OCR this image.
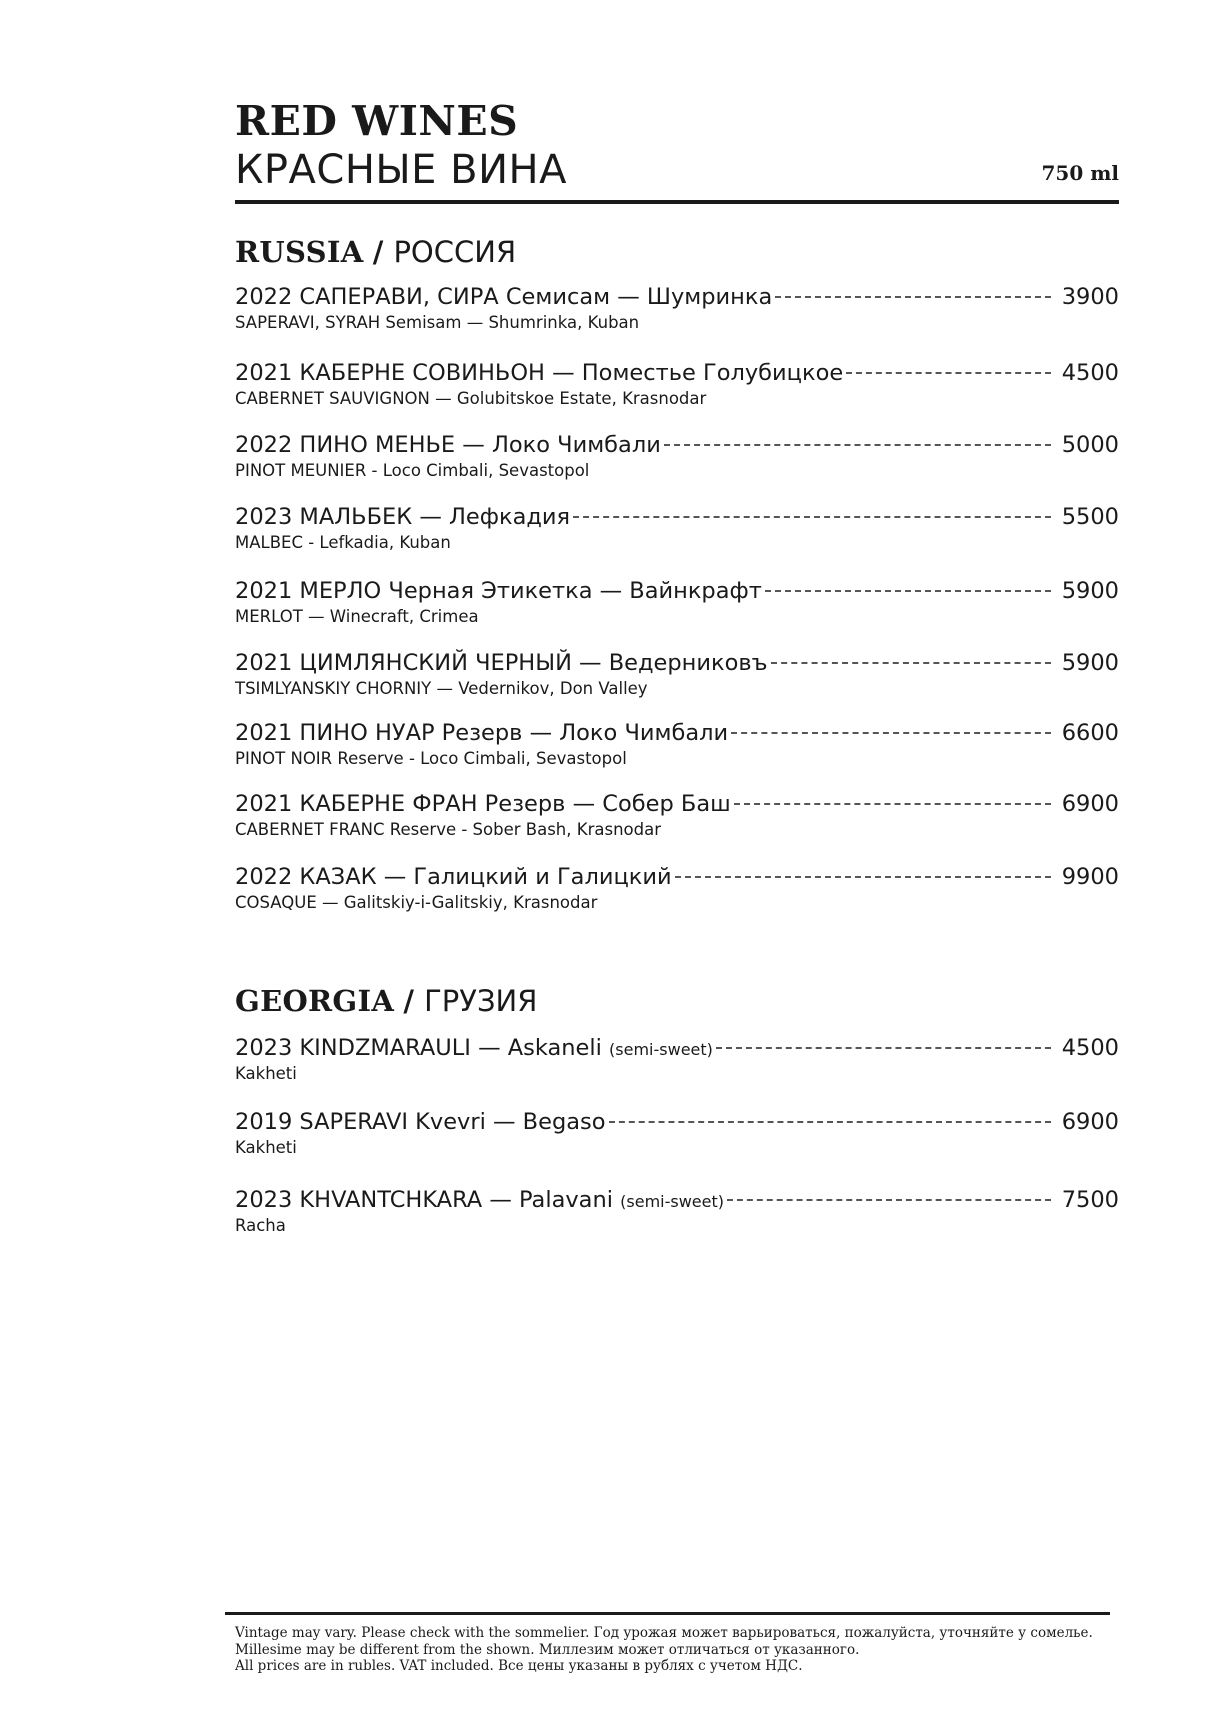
RED WINES
КРАСНЫЕ ВИНА	750 ml
RUSSIA / РОССИЯ
2022 САПЕРАВИ, СИРА Семисам — Шумринка	3900
SAPERAVI, SYRAH Semisam — Shumrinka, Kuban
2021 КАБЕРНЕ СОВИНЬОН — Поместье Голубицкое	4500
CABERNET SAUVIGNON — Golubitskoe Estate, Krasnodar
2022 ПИНО МЕНЬЕ — Локо Чимбали	5000
PINOT MEUNIER - Loco Cimbali, Sevastopol
2023 МАЛЬБЕК — Лефкадия	5500
MALBEC - Lefkadia, Kuban
2021 МЕРЛО Черная Этикетка — Вайнкрафт	5900
MERLOT — Winecraft, Crimea
2021 ЦИМЛЯНСКИЙ ЧЕРНЫЙ — Ведерниковъ	5900
TSIMLYANSKIY CHORNIY — Vedernikov, Don Valley
2021 ПИНО НУАР Резерв — Локо Чимбали	6600
PINOT NOIR Reserve - Loco Cimbali, Sevastopol
2021 КАБЕРНЕ ФРАН Резерв — Собер Баш	6900
CABERNET FRANC Reserve - Sober Bash, Krasnodar
2022 КАЗАК — Галицкий и Галицкий	9900
COSAQUE — Galitskiy-i-Galitskiy, Krasnodar
GEORGIA / ГРУЗИЯ
2023 KINDZMARAULI — Askaneli (semi-sweet)	4500
Kakheti
2019 SAPERAVI Kvevri — Begaso	6900
Kakheti
2023 KHVANTCHKARA — Palavani (semi-sweet)	7500
Racha
Vintage may vary. Please check with the sommelier. Год урожая может варьироваться, пожалуйста, уточняйте у сомелье.
Millesime may be different from the shown. Миллезим может отличаться от указанного.
All prices are in rubles. VAT included. Все цены указаны в рублях с учетом НДС.
